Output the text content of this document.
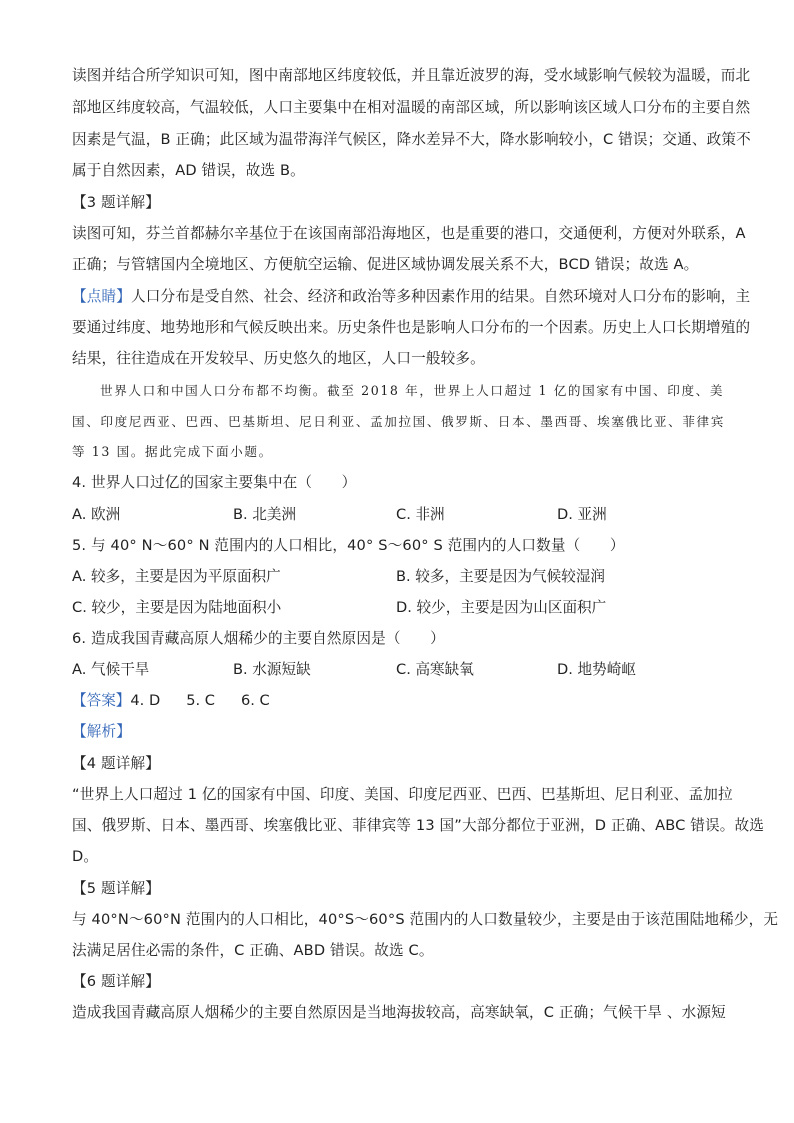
读图并结合所学知识可知，图中南部地区纬度较低，并且靠近波罗的海，受水域影响气候较为温暖，而北
部地区纬度较高，气温较低，人口主要集中在相对温暖的南部区域，所以影响该区域人口分布的主要自然
因素是气温，B 正确；此区域为温带海洋气候区，降水差异不大，降水影响较小，C 错误；交通、政策不
属于自然因素，AD 错误，故选 B。
【3 题详解】
读图可知，芬兰首都赫尔辛基位于在该国南部沿海地区，也是重要的港口，交通便利，方便对外联系，A
正确；与管辖国内全境地区、方便航空运输、促进区域协调发展关系不大，BCD 错误；故选 A。
【点睛】人口分布是受自然、社会、经济和政治等多种因素作用的结果。自然环境对人口分布的影响，主
要通过纬度、地势地形和气候反映出来。历史条件也是影响人口分布的一个因素。历史上人口长期增殖的
结果，往往造成在开发较早、历史悠久的地区，人口一般较多。
世界人口和中国人口分布都不均衡。截至 2018 年，世界上人口超过 1 亿的国家有中国、印度、美
国、印度尼西亚、巴西、巴基斯坦、尼日利亚、孟加拉国、俄罗斯、日本、墨西哥、埃塞俄比亚、菲律宾
等 13 国。据此完成下面小题。
4. 世界人口过亿的国家主要集中在（　　）
A. 欧洲	B. 北美洲	C. 非洲	D. 亚洲
5. 与 40° N～60° N 范围内的人口相比，40° S～60° S 范围内的人口数量（　　）
A. 较多，主要是因为平原面积广	B. 较多，主要是因为气候较湿润
C. 较少，主要是因为陆地面积小	D. 较少，主要是因为山区面积广
6. 造成我国青藏高原人烟稀少的主要自然原因是（　　）
A. 气候干旱	B. 水源短缺	C. 高寒缺氧	D. 地势崎岖
【答案】4. D 5. C 6. C
【解析】
【4 题详解】
“世界上人口超过 1 亿的国家有中国、印度、美国、印度尼西亚、巴西、巴基斯坦、尼日利亚、孟加拉
国、俄罗斯、日本、墨西哥、埃塞俄比亚、菲律宾等 13 国”大部分都位于亚洲，D 正确、ABC 错误。故选
D。
【5 题详解】
与 40°N～60°N 范围内的人口相比，40°S～60°S 范围内的人口数量较少，主要是由于该范围陆地稀少，无
法满足居住必需的条件，C 正确、ABD 错误。故选 C。
【6 题详解】
造成我国青藏高原人烟稀少的主要自然原因是当地海拔较高，高寒缺氧，C 正确；气候干旱 、水源短
